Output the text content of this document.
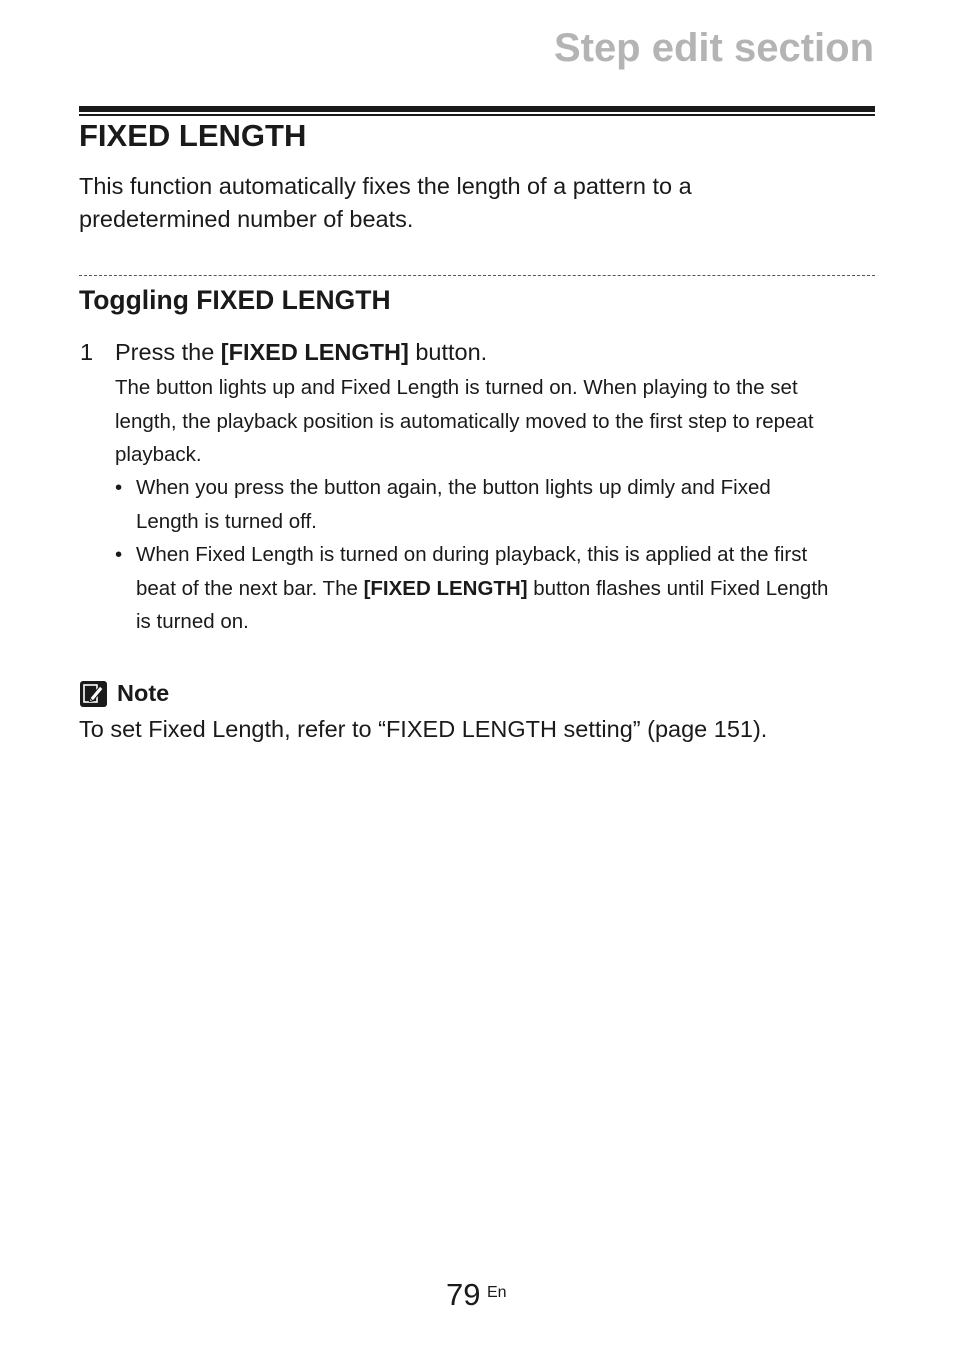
Step edit section
FIXED LENGTH

This function automatically fixes the length of a pattern to a
predetermined number of beats.

Toggling FIXED LENGTH
1 Press the [FIXED LENGTH] button.

The button lights up and Fixed Length is turned on. When playing to the set
length, the playback position is automatically moved to the first step to repeat
playback.

• When you press the button again, the button lights up dimly and Fixed
Length is turned off.
• When Fixed Length is turned on during playback, this is applied at the first
beat of the next bar. The [FIXED LENGTH] button flashes until Fixed Length
is turned on.
Note

To set Fixed Length, refer to “FIXED LENGTH setting” (page 151).

79 En
